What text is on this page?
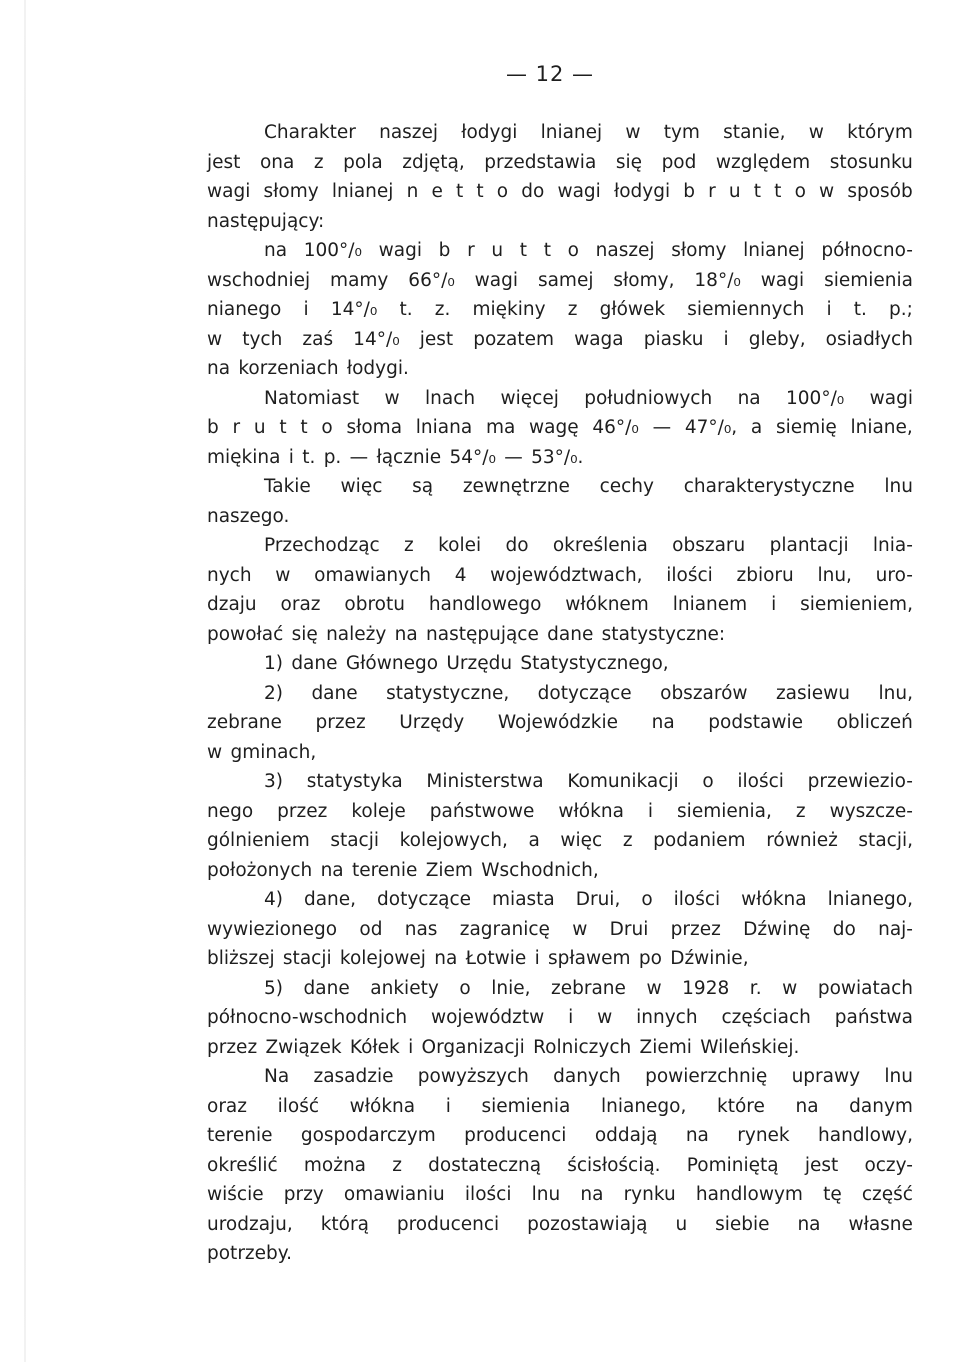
— 12 —
Charakter naszej łodygi lnianej w tym stanie, w którym
jest ona z pola zdjętą, przedstawia się pod względem stosunku
wagi słomy lnianej n e t t o do wagi łodygi b r u t t o w sposób
następujący:
na 100°/₀ wagi b r u t t o naszej słomy lnianej północno-
wschodniej mamy 66°/₀ wagi samej słomy, 18°/₀ wagi siemienia
nianego i 14°/₀ t. z. miękiny z główek siemiennych i t. p.;
w tych zaś 14°/₀ jest pozatem waga piasku i gleby, osiadłych
na korzeniach łodygi.
Natomiast w lnach więcej południowych na 100°/₀ wagi
b r u t t o słoma lniana ma wagę 46°/₀ — 47°/₀, a siemię lniane,
miękina i t. p. — łącznie 54°/₀ — 53°/₀.
Takie więc są zewnętrzne cechy charakterystyczne lnu
naszego.
Przechodząc z kolei do określenia obszaru plantacji lnia-
nych w omawianych 4 województwach, ilości zbioru lnu, uro-
dzaju oraz obrotu handlowego włóknem lnianem i siemieniem,
powołać się należy na następujące dane statystyczne:
1) dane Głównego Urzędu Statystycznego,
2) dane statystyczne, dotyczące obszarów zasiewu lnu,
zebrane przez Urzędy Wojewódzkie na podstawie obliczeń
w gminach,
3) statystyka Ministerstwa Komunikacji o ilości przewiezio-
nego przez koleje państwowe włókna i siemienia, z wyszcze-
gólnieniem stacji kolejowych, a więc z podaniem również stacji,
położonych na terenie Ziem Wschodnich,
4) dane, dotyczące miasta Drui, o ilości włókna lnianego,
wywiezionego od nas zagranicę w Drui przez Dźwinę do naj-
bliższej stacji kolejowej na Łotwie i spławem po Dźwinie,
5) dane ankiety o lnie, zebrane w 1928 r. w powiatach
północno-wschodnich województw i w innych częściach państwa
przez Związek Kółek i Organizacji Rolniczych Ziemi Wileńskiej.
Na zasadzie powyższych danych powierzchnię uprawy lnu
oraz ilość włókna i siemienia lnianego, które na danym
terenie gospodarczym producenci oddają na rynek handlowy,
określić można z dostateczną ścisłością. Pominiętą jest oczy-
wiście przy omawianiu ilości lnu na rynku handlowym tę część
urodzaju, którą producenci pozostawiają u siebie na własne
potrzeby.
